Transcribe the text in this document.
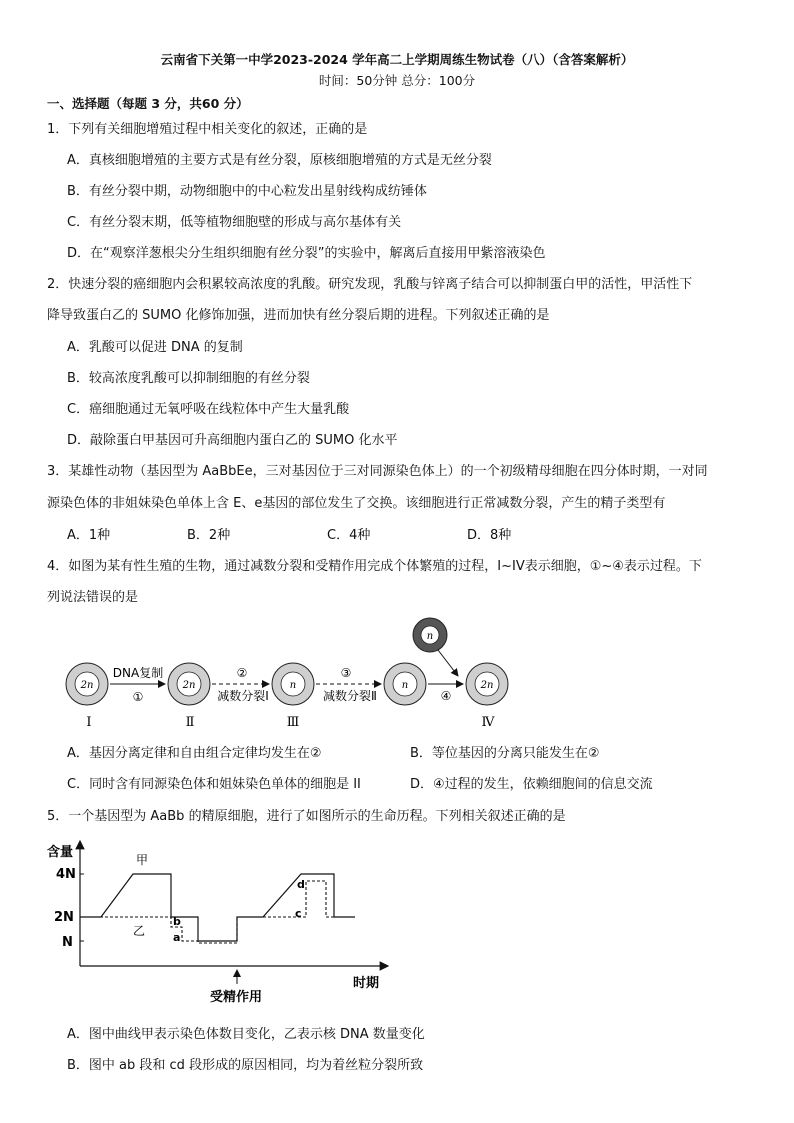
云南省下关第一中学2023-2024 学年高二上学期周练生物试卷（八）（含答案解析）
时间：50分钟 总分：100分
一、选择题（每题 3 分，共60 分）
1．下列有关细胞增殖过程中相关变化的叙述，正确的是
A．真核细胞增殖的主要方式是有丝分裂，原核细胞增殖的方式是无丝分裂
B．有丝分裂中期，动物细胞中的中心粒发出星射线构成纺锤体
C．有丝分裂末期，低等植物细胞壁的形成与高尔基体有关
D．在“观察洋葱根尖分生组织细胞有丝分裂”的实验中，解离后直接用甲紫溶液染色
2．快速分裂的癌细胞内会积累较高浓度的乳酸。研究发现，乳酸与锌离子结合可以抑制蛋白甲的活性，甲活性下
降导致蛋白乙的 SUMO 化修饰加强，进而加快有丝分裂后期的进程。下列叙述正确的是
A．乳酸可以促进 DNA 的复制
B．较高浓度乳酸可以抑制细胞的有丝分裂
C．癌细胞通过无氧呼吸在线粒体中产生大量乳酸
D．敲除蛋白甲基因可升高细胞内蛋白乙的 SUMO 化水平
3．某雄性动物（基因型为 AaBbEe，三对基因位于三对同源染色体上）的一个初级精母细胞在四分体时期，一对同
源染色体的非姐妹染色单体上含 E、e基因的部位发生了交换。该细胞进行正常减数分裂，产生的精子类型有
A．1种	B．2种	C．4种	D．8种
4．如图为某有性生殖的生物，通过减数分裂和受精作用完成个体繁殖的过程，I~IV表示细胞，①~④表示过程。下
列说法错误的是
n
2n	2n	n	n	2n
DNA复制
①
②
减数分裂Ⅰ
③
减数分裂Ⅱ	④
Ⅰ	Ⅱ	Ⅲ	Ⅳ
A．基因分离定律和自由组合定律均发生在②	B．等位基因的分离只能发生在②
C．同时含有同源染色体和姐妹染色单体的细胞是 II	D．④过程的发生，依赖细胞间的信息交流
5．一个基因型为 AaBb 的精原细胞，进行了如图所示的生命历程。下列相关叙述正确的是
含量
时期
4N
2N
N
甲
乙
b
a
d
c
受精作用
A．图中曲线甲表示染色体数目变化，乙表示核 DNA 数量变化
B．图中 ab 段和 cd 段形成的原因相同，均为着丝粒分裂所致
